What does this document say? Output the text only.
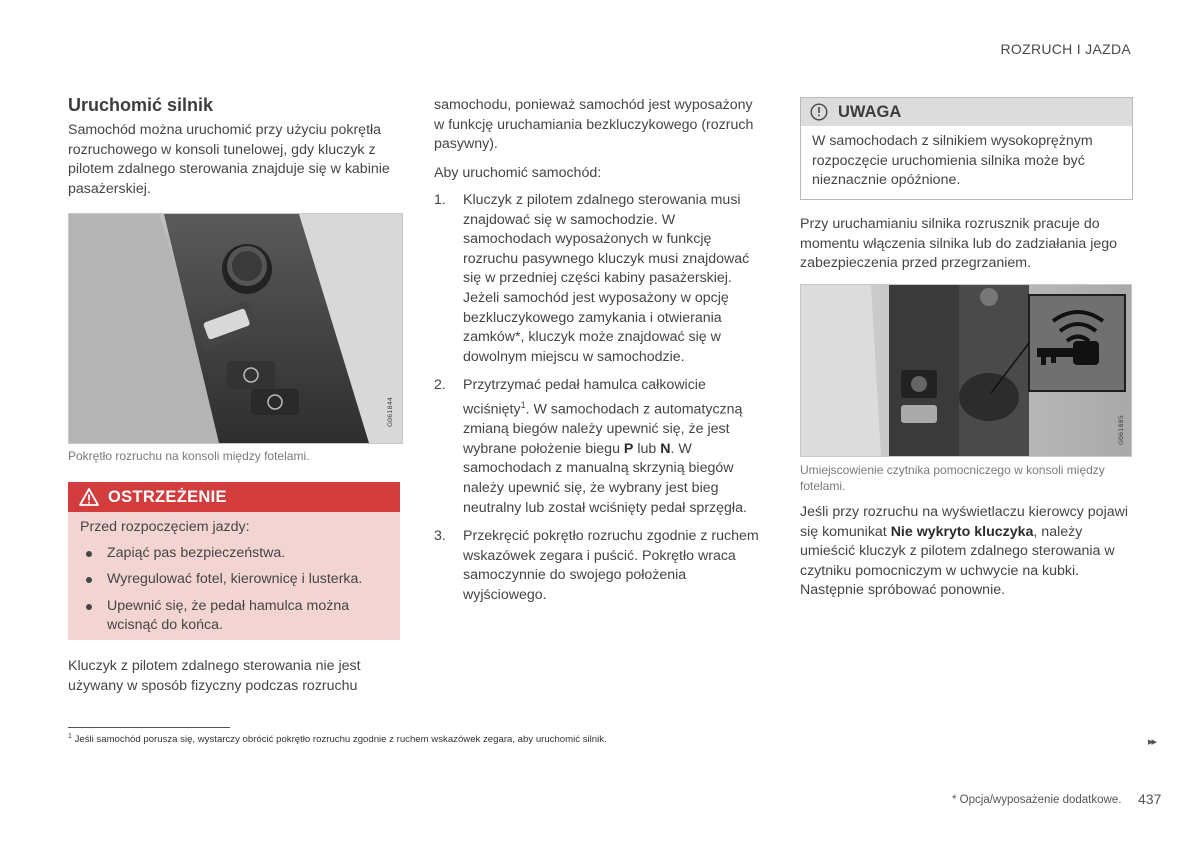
ROZRUCH I JAZDA
Uruchomić silnik

Samochód można uruchomić przy użyciu pokrętła rozruchowego w konsoli tunelowej, gdy kluczyk z pilotem zdalnego sterowania znajduje się w kabinie pasażerskiej.

G061844

Pokrętło rozruchu na konsoli między fotelami.

OSTRZEŻENIE

Przed rozpoczęciem jazdy:

Zapiąć pas bezpieczeństwa.
Wyregulować fotel, kierownicę i lusterka.
Upewnić się, że pedał hamulca można wcisnąć do końca.

Kluczyk z pilotem zdalnego sterowania nie jest używany w sposób fizyczny podczas rozruchu

samochodu, ponieważ samochód jest wyposażony w funkcję uruchamiania bezkluczykowego (rozruch pasywny).

Aby uruchomić samochód:

1. Kluczyk z pilotem zdalnego sterowania musi znajdować się w samochodzie. W samochodach wyposażonych w funkcję rozruchu pasywnego kluczyk musi znajdować się w przedniej części kabiny pasażerskiej. Jeżeli samochód jest wyposażony w opcję bezkluczykowego zamykania i otwierania zamków*, kluczyk może znajdować się w dowolnym miejscu w samochodzie.
2. Przytrzymać pedał hamulca całkowicie wciśnięty$^1$. W samochodach z automatyczną zmianą biegów należy upewnić się, że jest wybrane położenie biegu P lub N. W samochodach z manualną skrzynią biegów należy upewnić się, że wybrany jest bieg neutralny lub został wciśnięty pedał sprzęgła.
3. Przekręcić pokrętło rozruchu zgodnie z ruchem wskazówek zegara i puścić. Pokrętło wraca samoczynnie do swojego położenia wyjściowego.
UWAGA

W samochodach z silnikiem wysokoprężnym rozpoczęcie uruchomienia silnika może być nieznacznie opóźnione.

Przy uruchamianiu silnika rozrusznik pracuje do momentu włączenia silnika lub do zadziałania jego zabezpieczenia przed przegrzaniem.

G061885

Umiejscowienie czytnika pomocniczego w konsoli między fotelami.

Jeśli przy rozruchu na wyświetlaczu kierowcy pojawi się komunikat Nie wykryto kluczyka, należy umieścić kluczyk z pilotem zdalnego sterowania w czytniku pomocniczym w uchwycie na kubki. Następnie spróbować ponownie.

$^1$ Jeśli samochód porusza się, wystarczy obrócić pokrętło rozruchu zgodnie z ruchem wskazówek zegara, aby uruchomić silnik.	▸▸
* Opcja/wyposażenie dodatkowe. 437
